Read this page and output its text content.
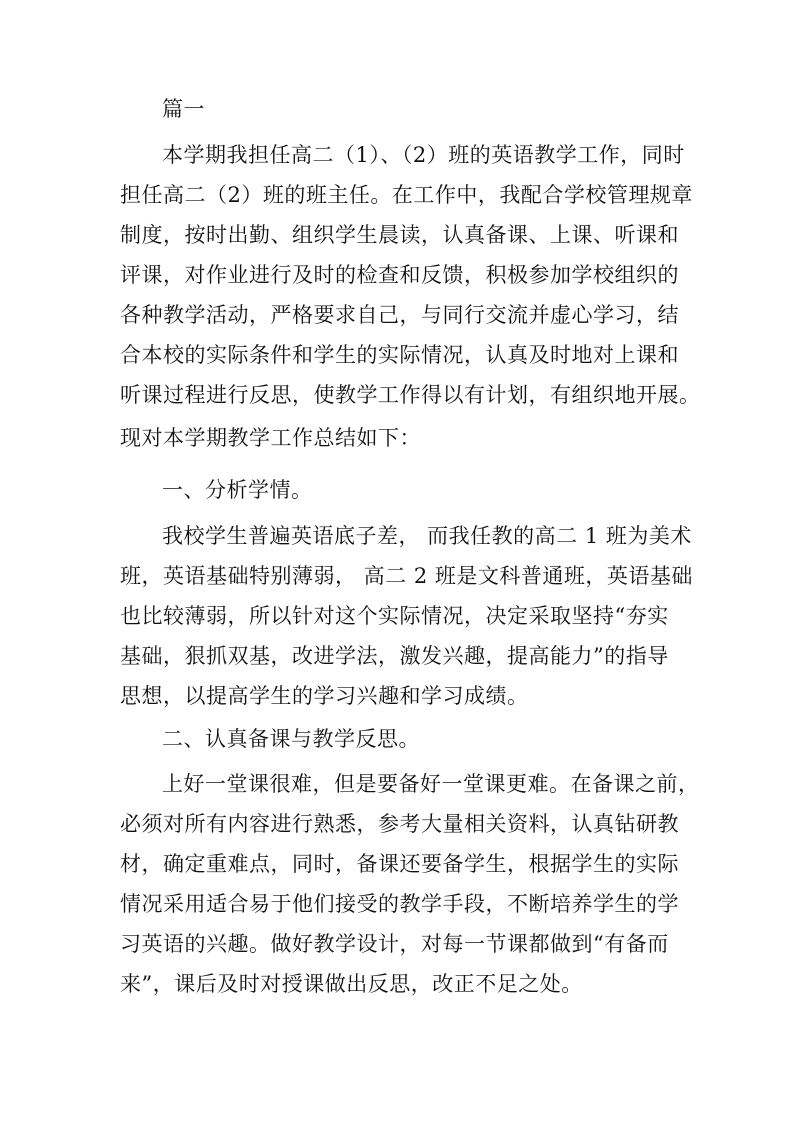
篇一
本学期我担任高二（1）、（2）班的英语教学工作，同时
担任高二（2）班的班主任。在工作中，我配合学校管理规章
制度，按时出勤、组织学生晨读，认真备课、上课、听课和
评课，对作业进行及时的检查和反馈，积极参加学校组织的
各种教学活动，严格要求自己，与同行交流并虚心学习，结
合本校的实际条件和学生的实际情况，认真及时地对上课和
听课过程进行反思，使教学工作得以有计划，有组织地开展。
现对本学期教学工作总结如下：
一、分析学情。
我校学生普遍英语底子差， 而我任教的高二 1 班为美术
班，英语基础特别薄弱， 高二 2 班是文科普通班，英语基础
也比较薄弱，所以针对这个实际情况，决定采取坚持“夯实
基础，狠抓双基，改进学法，激发兴趣，提高能力”的指导
思想，以提高学生的学习兴趣和学习成绩。
二、认真备课与教学反思。
上好一堂课很难，但是要备好一堂课更难。在备课之前，
必须对所有内容进行熟悉，参考大量相关资料，认真钻研教
材，确定重难点，同时，备课还要备学生，根据学生的实际
情况采用适合易于他们接受的教学手段，不断培养学生的学
习英语的兴趣。做好教学设计，对每一节课都做到“有备而
来”，课后及时对授课做出反思，改正不足之处。
